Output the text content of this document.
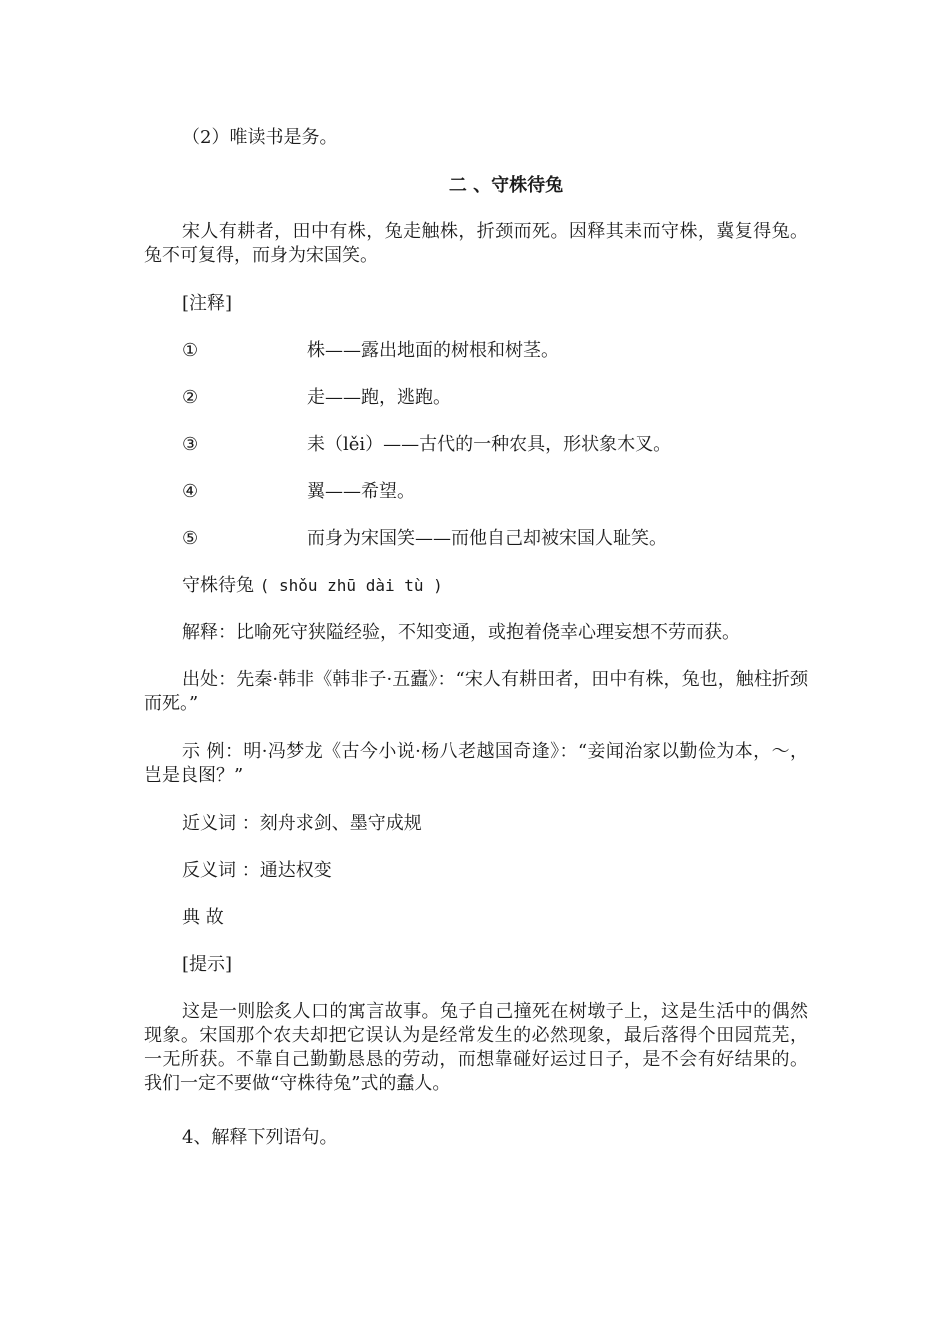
（2）唯读书是务。
二 、守株待兔
宋人有耕者，田中有株，兔走触株，折颈而死。因释其耒而守株，冀复得兔。兔不可复得，而身为宋国笑。
[注释]
①	株——露出地面的树根和树茎。
②	走——跑，逃跑。
③	耒（lěi）——古代的一种农具，形状象木叉。
④	翼——希望。
⑤	而身为宋国笑——而他自己却被宋国人耻笑。
守株待兔 ( shǒu zhū dài tù )
解释：比喻死守狭隘经验，不知变通，或抱着侥幸心理妄想不劳而获。
出处：先秦·韩非《韩非子·五蠹》：“宋人有耕田者，田中有株，兔也，触柱折颈而死。”
示 例：明·冯梦龙《古今小说·杨八老越国奇逢》：“妾闻治家以勤俭为本，～，岂是良图？”
近义词 ：刻舟求剑、墨守成规
反义词 ：通达权变
典 故
[提示]
这是一则脍炙人口的寓言故事。兔子自己撞死在树墩子上，这是生活中的偶然现象。宋国那个农夫却把它误认为是经常发生的必然现象，最后落得个田园荒芜，一无所获。不靠自己勤勤恳恳的劳动，而想靠碰好运过日子，是不会有好结果的。我们一定不要做“守株待兔”式的蠢人。
4、解释下列语句。
